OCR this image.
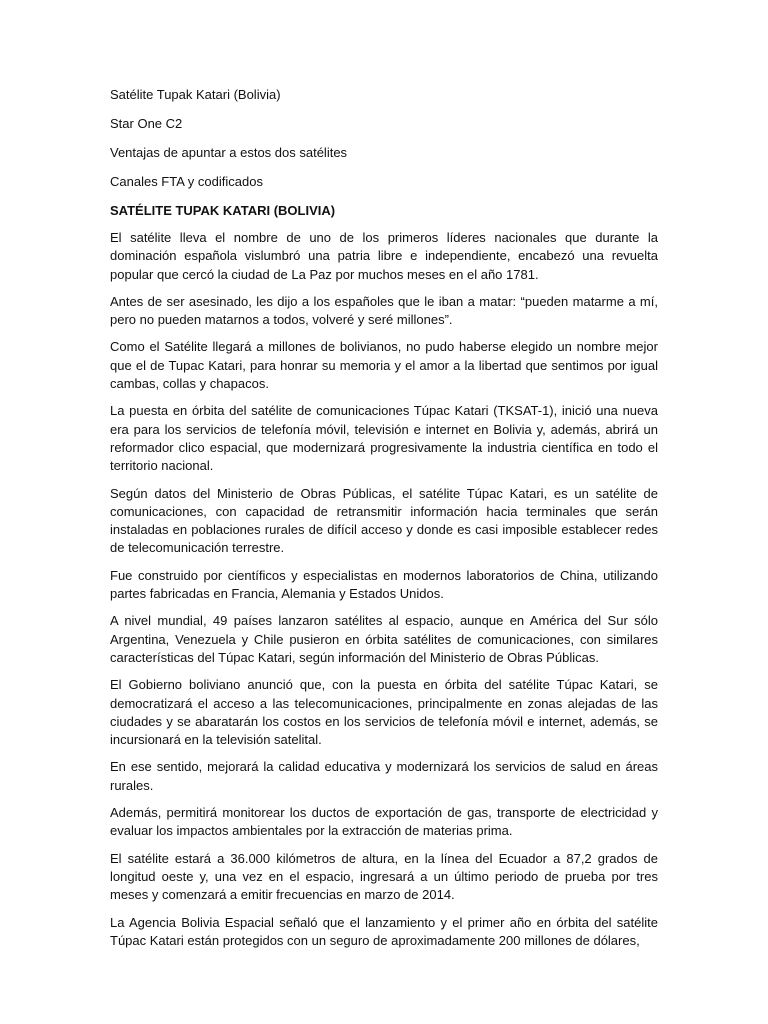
Satélite Tupak Katari (Bolivia)

Star One C2

Ventajas de apuntar a estos dos satélites

Canales FTA y codificados

SATÉLITE TUPAK KATARI (BOLIVIA)

El satélite lleva el nombre de uno de los primeros líderes nacionales que durante la dominación española vislumbró una patria libre e independiente, encabezó una revuelta popular que cercó la ciudad de La Paz por muchos meses en el año 1781.

Antes de ser asesinado, les dijo a los españoles que le iban a matar: “pueden matarme a mí, pero no pueden matarnos a todos, volveré y seré millones”.

Como el Satélite llegará a millones de bolivianos, no pudo haberse elegido un nombre mejor que el de Tupac Katari, para honrar su memoria y el amor a la libertad que sentimos por igual cambas, collas y chapacos.

La puesta en órbita del satélite de comunicaciones Túpac Katari (TKSAT-1), inició una nueva era para los servicios de telefonía móvil, televisión e internet en Bolivia y, además, abrirá un reformador clico espacial, que modernizará progresivamente la industria científica en todo el territorio nacional.

Según datos del Ministerio de Obras Públicas, el satélite Túpac Katari, es un satélite de comunicaciones, con capacidad de retransmitir información hacia terminales que serán instaladas en poblaciones rurales de difícil acceso y donde es casi imposible establecer redes de telecomunicación terrestre.

Fue construido por científicos y especialistas en modernos laboratorios de China, utilizando partes fabricadas en Francia, Alemania y Estados Unidos.

A nivel mundial, 49 países lanzaron satélites al espacio, aunque en América del Sur sólo Argentina, Venezuela y Chile pusieron en órbita satélites de comunicaciones, con similares características del Túpac Katari, según información del Ministerio de Obras Públicas.

El Gobierno boliviano anunció que, con la puesta en órbita del satélite Túpac Katari, se democratizará el acceso a las telecomunicaciones, principalmente en zonas alejadas de las ciudades y se abaratarán los costos en los servicios de telefonía móvil e internet, además, se incursionará en la televisión satelital.

En ese sentido, mejorará la calidad educativa y modernizará los servicios de salud en áreas rurales.

Además, permitirá monitorear los ductos de exportación de gas, transporte de electricidad y evaluar los impactos ambientales por la extracción de materias prima.

El satélite estará a 36.000 kilómetros de altura, en la línea del Ecuador a 87,2 grados de longitud oeste y, una vez en el espacio, ingresará a un último periodo de prueba por tres meses y comenzará a emitir frecuencias en marzo de 2014.

La Agencia Bolivia Espacial señaló que el lanzamiento y el primer año en órbita del satélite Túpac Katari están protegidos con un seguro de aproximadamente 200 millones de dólares,
